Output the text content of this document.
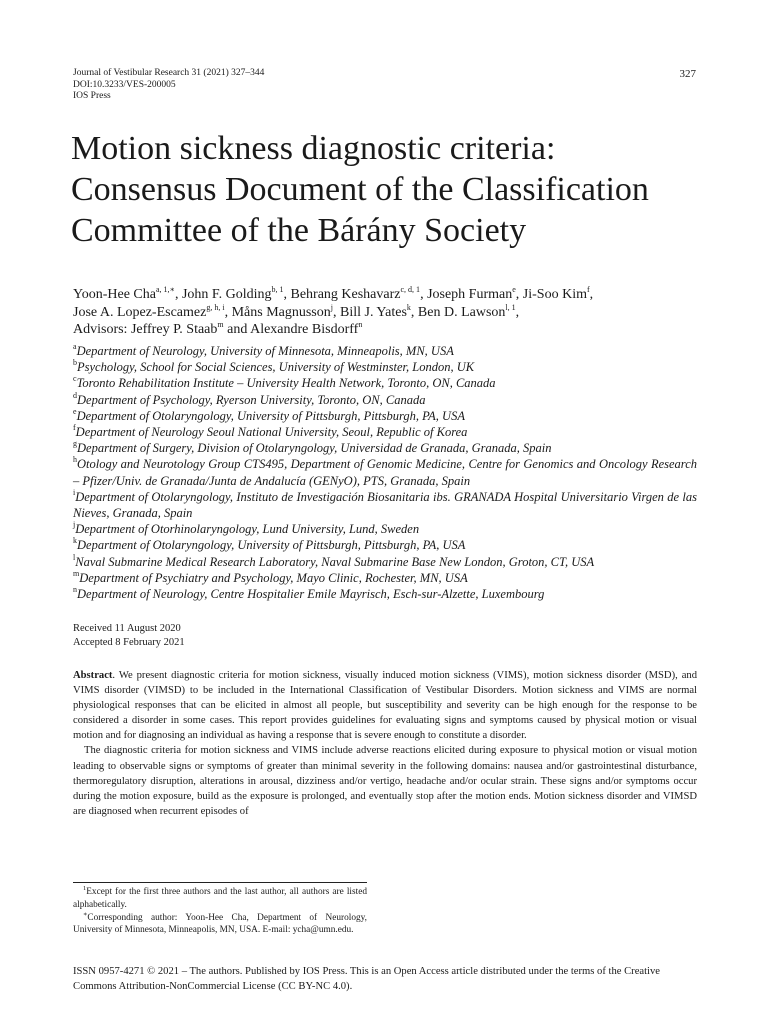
Journal of Vestibular Research 31 (2021) 327–344
DOI:10.3233/VES-200005
IOS Press
327
Motion sickness diagnostic criteria:
Consensus Document of the Classification
Committee of the Bárány Society
Yoon-Hee Cha$^{a, 1,∗}$, John F. Golding$^{b, 1}$, Behrang Keshavarz$^{c, d, 1}$, Joseph Furman$^e$, Ji-Soo Kim$^f$,
Jose A. Lopez-Escamez$^{g, h, i}$, Måns Magnusson$^j$, Bill J. Yates$^k$, Ben D. Lawson$^{l, 1}$,
Advisors: Jeffrey P. Staab$^m$ and Alexandre Bisdorff$^n$
$^a$Department of Neurology, University of Minnesota, Minneapolis, MN, USA
$^b$Psychology, School for Social Sciences, University of Westminster, London, UK
$^c$Toronto Rehabilitation Institute – University Health Network, Toronto, ON, Canada
$^d$Department of Psychology, Ryerson University, Toronto, ON, Canada
$^e$Department of Otolaryngology, University of Pittsburgh, Pittsburgh, PA, USA
$^f$Department of Neurology Seoul National University, Seoul, Republic of Korea
$^g$Department of Surgery, Division of Otolaryngology, Universidad de Granada, Granada, Spain
$^h$Otology and Neurotology Group CTS495, Department of Genomic Medicine, Centre for Genomics and Oncology Research – Pfizer/Univ. de Granada/Junta de Andalucía (GENyO), PTS, Granada, Spain
$^i$Department of Otolaryngology, Instituto de Investigación Biosanitaria ibs. GRANADA Hospital Universitario Virgen de las Nieves, Granada, Spain
$^j$Department of Otorhinolaryngology, Lund University, Lund, Sweden
$^k$Department of Otolaryngology, University of Pittsburgh, Pittsburgh, PA, USA
$^l$Naval Submarine Medical Research Laboratory, Naval Submarine Base New London, Groton, CT, USA
$^m$Department of Psychiatry and Psychology, Mayo Clinic, Rochester, MN, USA
$^n$Department of Neurology, Centre Hospitalier Emile Mayrisch, Esch-sur-Alzette, Luxembourg
Received 11 August 2020
Accepted 8 February 2021

Abstract. We present diagnostic criteria for motion sickness, visually induced motion sickness (VIMS), motion sickness disorder (MSD), and VIMS disorder (VIMSD) to be included in the International Classification of Vestibular Disorders. Motion sickness and VIMS are normal physiological responses that can be elicited in almost all people, but susceptibility and severity can be high enough for the response to be considered a disorder in some cases. This report provides guidelines for evaluating signs and symptoms caused by physical motion or visual motion and for diagnosing an individual as having a response that is severe enough to constitute a disorder.

The diagnostic criteria for motion sickness and VIMS include adverse reactions elicited during exposure to physical motion or visual motion leading to observable signs or symptoms of greater than minimal severity in the following domains: nausea and/or gastrointestinal disturbance, thermoregulatory disruption, alterations in arousal, dizziness and/or vertigo, headache and/or ocular strain. These signs and/or symptoms occur during the motion exposure, build as the exposure is prolonged, and eventually stop after the motion ends. Motion sickness disorder and VIMSD are diagnosed when recurrent episodes of

$^1$Except for the first three authors and the last author, all authors are listed alphabetically.

∗Corresponding author: Yoon-Hee Cha, Department of Neurology, University of Minnesota, Minneapolis, MN, USA. E-mail: ycha@umn.edu.

ISSN 0957-4271 © 2021 – The authors. Published by IOS Press. This is an Open Access article distributed under the terms of the Creative Commons Attribution-NonCommercial License (CC BY-NC 4.0).
